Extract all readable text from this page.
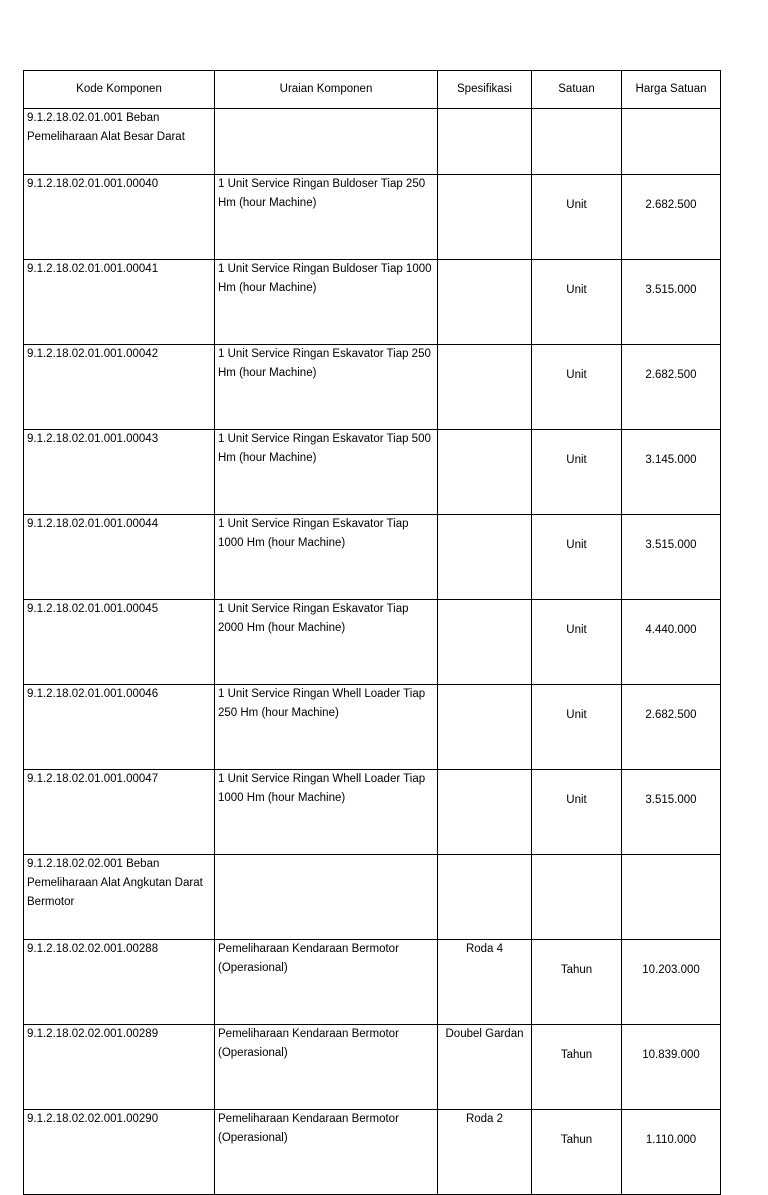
Kode Komponen	Uraian Komponen	Spesifikasi	Satuan	Harga Satuan
9.1.2.18.02.01.001 Beban Pemeliharaan Alat Besar Darat				
9.1.2.18.02.01.001.00040	1 Unit Service Ringan Buldoser Tiap 250 Hm (hour Machine)		Unit	2.682.500
9.1.2.18.02.01.001.00041	1 Unit Service Ringan Buldoser Tiap 1000 Hm (hour Machine)		Unit	3.515.000
9.1.2.18.02.01.001.00042	1 Unit Service Ringan Eskavator Tiap 250 Hm (hour Machine)		Unit	2.682.500
9.1.2.18.02.01.001.00043	1 Unit Service Ringan Eskavator Tiap 500 Hm (hour Machine)		Unit	3.145.000
9.1.2.18.02.01.001.00044	1 Unit Service Ringan Eskavator Tiap 1000 Hm (hour Machine)		Unit	3.515.000
9.1.2.18.02.01.001.00045	1 Unit Service Ringan Eskavator Tiap 2000 Hm (hour Machine)		Unit	4.440.000
9.1.2.18.02.01.001.00046	1 Unit Service Ringan Whell Loader Tiap 250 Hm (hour Machine)		Unit	2.682.500
9.1.2.18.02.01.001.00047	1 Unit Service Ringan Whell Loader Tiap 1000 Hm (hour Machine)		Unit	3.515.000
9.1.2.18.02.02.001 Beban Pemeliharaan Alat Angkutan Darat Bermotor				
9.1.2.18.02.02.001.00288	Pemeliharaan Kendaraan Bermotor (Operasional)	Roda 4	Tahun	10.203.000
9.1.2.18.02.02.001.00289	Pemeliharaan Kendaraan Bermotor (Operasional)	Doubel Gardan	Tahun	10.839.000
9.1.2.18.02.02.001.00290	Pemeliharaan Kendaraan Bermotor (Operasional)	Roda 2	Tahun	1.110.000
